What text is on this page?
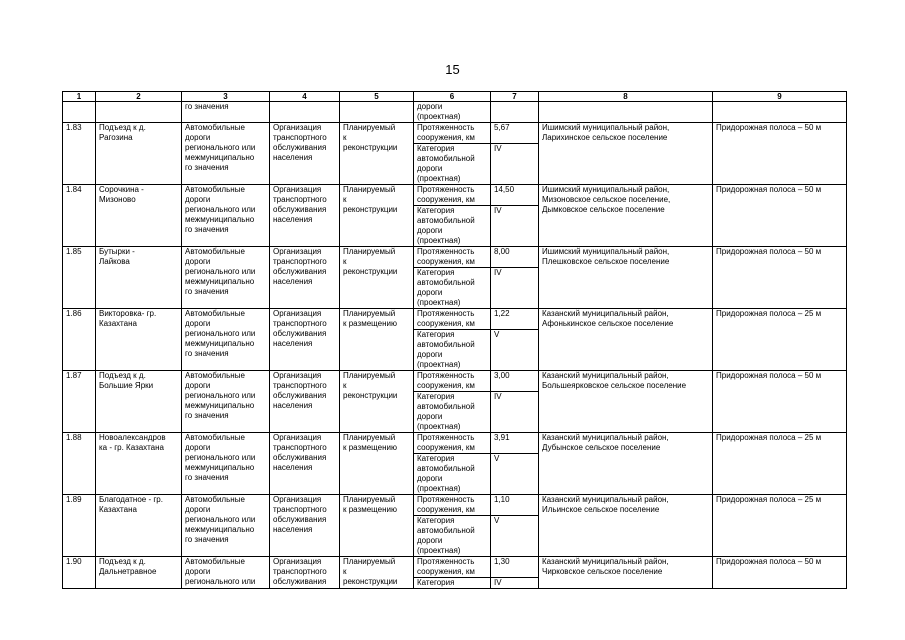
15
1	2	3	4	5	6	7	8	9
		го значения			дороги
(проектная)			
1.83	Подъезд к д.
Рагозина	Автомобильные
дороги
регионального или
межмуниципально
го значения	Организация
транспортного
обслуживания
населения	Планируемый
к
реконструкции	Протяженность
сооружения, км	5,67	Ишимский муниципальный район,
Ларихинское сельское поселение	Придорожная полоса – 50 м
					Категория
автомобильной
дороги
(проектная)	IV		
1.84	Сорочкина -
Мизоново	Автомобильные
дороги
регионального или
межмуниципально
го значения	Организация
транспортного
обслуживания
населения	Планируемый
к
реконструкции	Протяженность
сооружения, км	14,50	Ишимский муниципальный район,
Мизоновское сельское поселение,
Дымковское сельское поселение	Придорожная полоса – 50 м
					Категория
автомобильной
дороги
(проектная)	IV		
1.85	Бутырки -
Лайкова	Автомобильные
дороги
регионального или
межмуниципально
го значения	Организация
транспортного
обслуживания
населения	Планируемый
к
реконструкции	Протяженность
сооружения, км	8,00	Ишимский муниципальный район,
Плешковское сельское поселение	Придорожная полоса – 50 м
					Категория
автомобильной
дороги
(проектная)	IV		
1.86	Викторовка- гр.
Казахтана	Автомобильные
дороги
регионального или
межмуниципально
го значения	Организация
транспортного
обслуживания
населения	Планируемый
к размещению	Протяженность
сооружения, км	1,22	Казанский муниципальный район,
Афонькинское сельское поселение	Придорожная полоса – 25 м
					Категория
автомобильной
дороги
(проектная)	V		
1.87	Подъезд к д.
Большие Ярки	Автомобильные
дороги
регионального или
межмуниципально
го значения	Организация
транспортного
обслуживания
населения	Планируемый
к
реконструкции	Протяженность
сооружения, км	3,00	Казанский муниципальный район,
Большеярковское сельское поселение	Придорожная полоса – 50 м
					Категория
автомобильной
дороги
(проектная)	IV		
1.88	Новоалександров
ка - гр. Казахтана	Автомобильные
дороги
регионального или
межмуниципально
го значения	Организация
транспортного
обслуживания
населения	Планируемый
к размещению	Протяженность
сооружения, км	3,91	Казанский муниципальный район,
Дубынское сельское поселение	Придорожная полоса – 25 м
					Категория
автомобильной
дороги
(проектная)	V		
1.89	Благодатное - гр.
Казахтана	Автомобильные
дороги
регионального или
межмуниципально
го значения	Организация
транспортного
обслуживания
населения	Планируемый
к размещению	Протяженность
сооружения, км	1,10	Казанский муниципальный район,
Ильинское сельское поселение	Придорожная полоса – 25 м
					Категория
автомобильной
дороги
(проектная)	V		
1.90	Подъезд к д.
Дальнетравное	Автомобильные
дороги
регионального или	Организация
транспортного
обслуживания	Планируемый
к
реконструкции	Протяженность
сооружения, км	1,30	Казанский муниципальный район,
Чирковское сельское поселение	Придорожная полоса – 50 м
					Категория	IV		
